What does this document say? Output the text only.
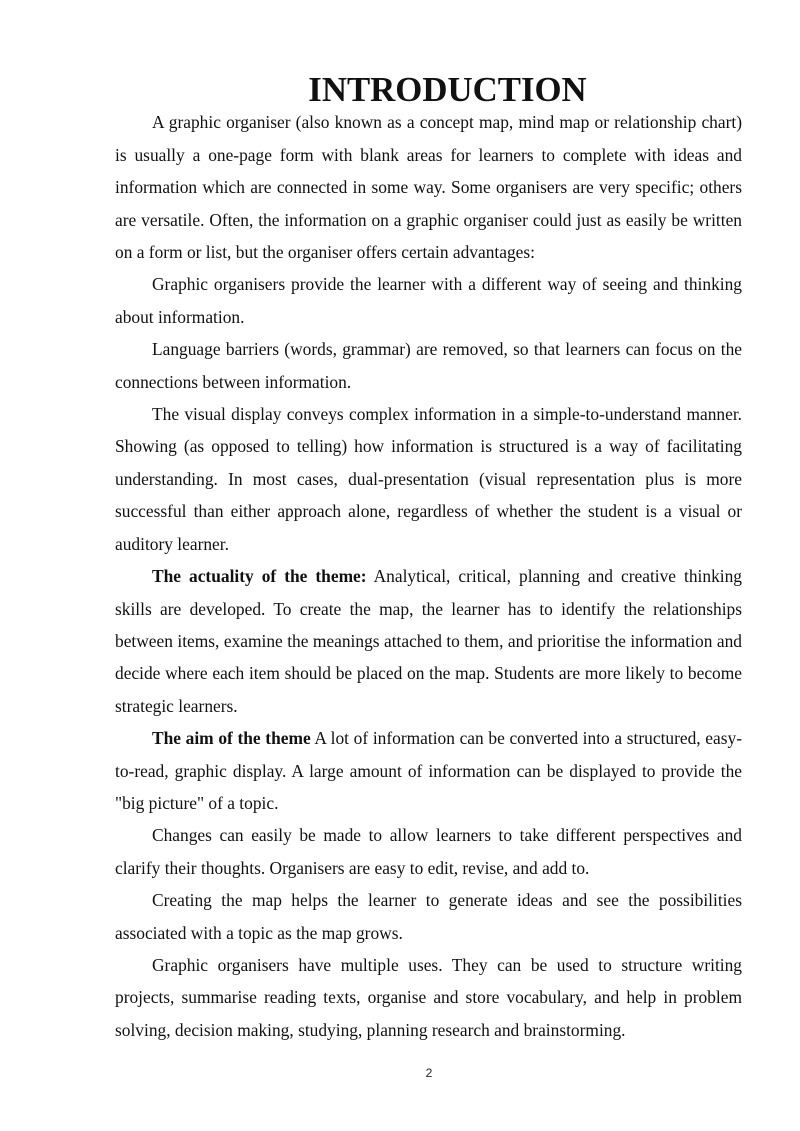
INTRODUCTION

A graphic organiser (also known as a concept map, mind map or relationship chart) is usually a one-page form with blank areas for learners to complete with ideas and information which are connected in some way. Some organisers are very specific; others are versatile. Often, the information on a graphic organiser could just as easily be written on a form or list, but the organiser offers certain advantages:

Graphic organisers provide the learner with a different way of seeing and thinking about information.

Language barriers (words, grammar) are removed, so that learners can focus on the connections between information.

The visual display conveys complex information in a simple-to-understand manner. Showing (as opposed to telling) how information is structured is a way of facilitating understanding. In most cases, dual-presentation (visual representation plus is more successful than either approach alone, regardless of whether the student is a visual or auditory learner.

The actuality of the theme: Analytical, critical, planning and creative thinking skills are developed. To create the map, the learner has to identify the relationships between items, examine the meanings attached to them, and prioritise the information and decide where each item should be placed on the map. Students are more likely to become strategic learners.

The aim of the theme A lot of information can be converted into a structured, easy-to-read, graphic display. A large amount of information can be displayed to provide the "big picture" of a topic.

Changes can easily be made to allow learners to take different perspectives and clarify their thoughts. Organisers are easy to edit, revise, and add to.

Creating the map helps the learner to generate ideas and see the possibilities associated with a topic as the map grows.

Graphic organisers have multiple uses. They can be used to structure writing projects, summarise reading texts, organise and store vocabulary, and help in problem solving, decision making, studying, planning research and brainstorming.

2
